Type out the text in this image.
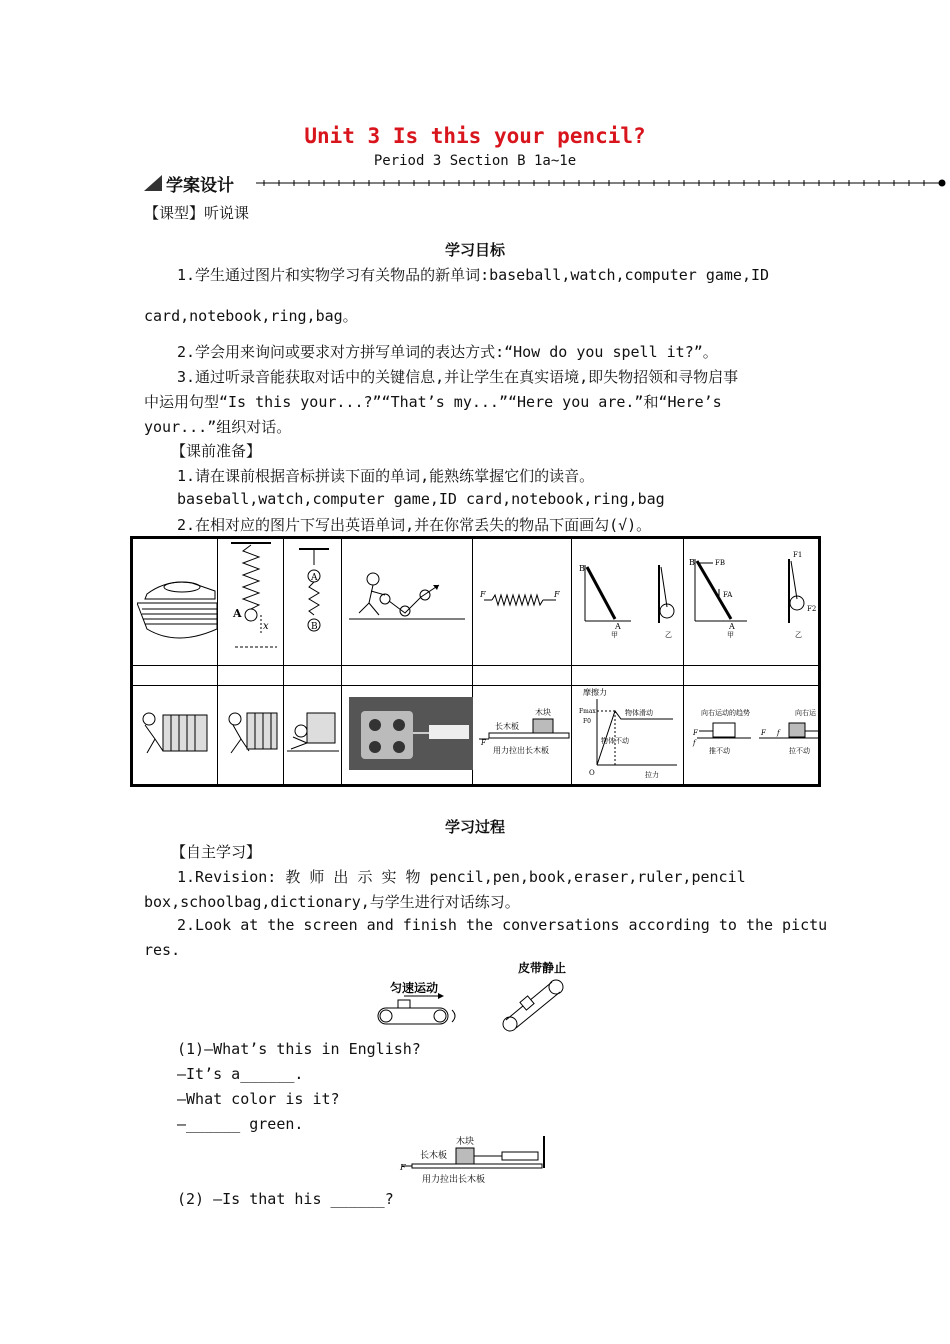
Unit 3 Is this your pencil?
Period 3 Section B 1a~1e
学案设计
【课型】听说课
学习目标
1.学生通过图片和实物学习有关物品的新单词:baseball,watch,computer game,ID
card,notebook,ring,bag。
2.学会用来询问或要求对方拼写单词的表达方式:“How do you spell it?”。
3.通过听录音能获取对话中的关键信息,并让学生在真实语境,即失物招领和寻物启事
中运用句型“Is this your...?”“That’s my...”“Here you are.”和“Here’s
your...”组织对话。
【课前准备】
1.请在课前根据音标拼读下面的单词,能熟练掌握它们的读音。
baseball,watch,computer game,ID card,notebook,ring,bag
2.在相对应的图片下写出英语单词,并在你常丢失的物品下面画勾(√)。
A
x
A
B
F	F
B
A
甲	乙
B	FB
FA
A
甲
F1
F2
乙
木块
长木板
F
用力拉出长木板
摩擦力
Fmax
F0
物体滑动
物体不动
O	拉力
向右运动的趋势	向右运
F
f
推不动
f
F
拉不动
学习过程
【自主学习】
1.Revision: 教 师 出 示 实 物 pencil,pen,book,eraser,ruler,pencil
box,schoolbag,dictionary,与学生进行对话练习。
2.Look at the screen and finish the conversations according to the pictu
res.
匀速运动
皮带静止
(1)—What’s this in English?
—It’s a______.
—What color is it?
—______ green.
木块
长木板
F
用力拉出长木板
(2) —Is that his ______?
